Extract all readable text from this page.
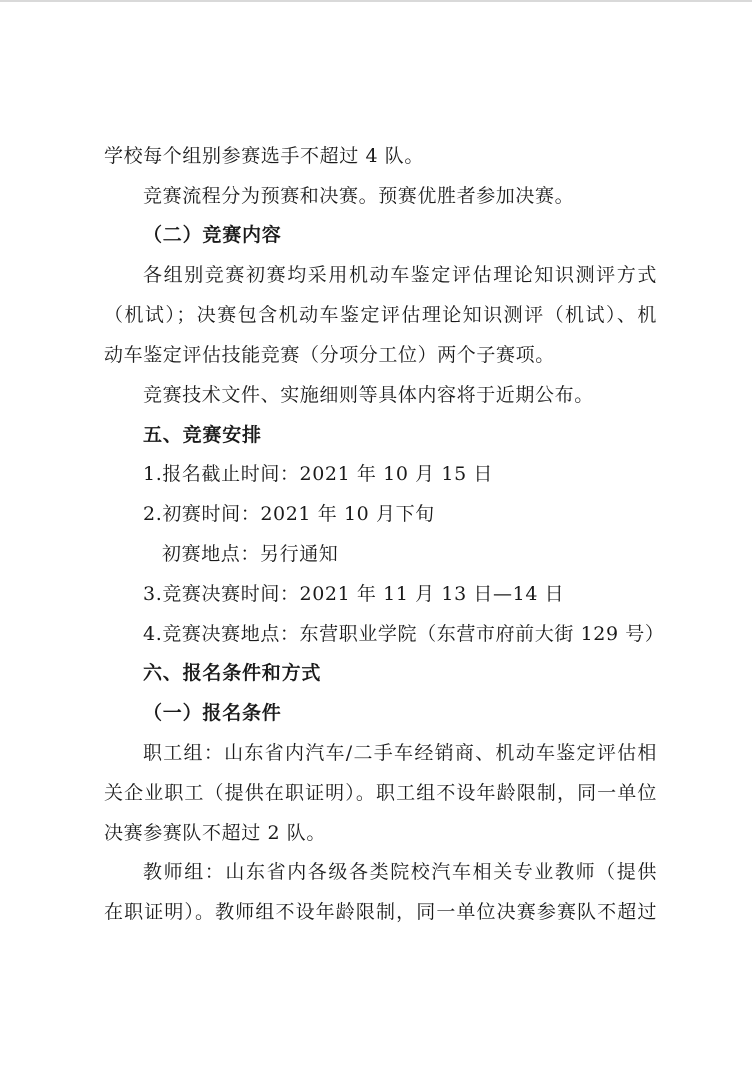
学校每个组别参赛选手不超过 4 队。
竞赛流程分为预赛和决赛。预赛优胜者参加决赛。
（二）竞赛内容
各组别竞赛初赛均采用机动车鉴定评估理论知识测评方式
（机试）；决赛包含机动车鉴定评估理论知识测评（机试）、机
动车鉴定评估技能竞赛（分项分工位）两个子赛项。
竞赛技术文件、实施细则等具体内容将于近期公布。
五、竞赛安排
1.报名截止时间：2021 年 10 月 15 日
2.初赛时间：2021 年 10 月下旬
初赛地点：另行通知
3.竞赛决赛时间：2021 年 11 月 13 日—14 日
4.竞赛决赛地点：东营职业学院（东营市府前大街 129 号）
六、报名条件和方式
（一）报名条件
职工组：山东省内汽车/二手车经销商、机动车鉴定评估相
关企业职工（提供在职证明）。职工组不设年龄限制，同一单位
决赛参赛队不超过 2 队。
教师组：山东省内各级各类院校汽车相关专业教师（提供
在职证明）。教师组不设年龄限制，同一单位决赛参赛队不超过
